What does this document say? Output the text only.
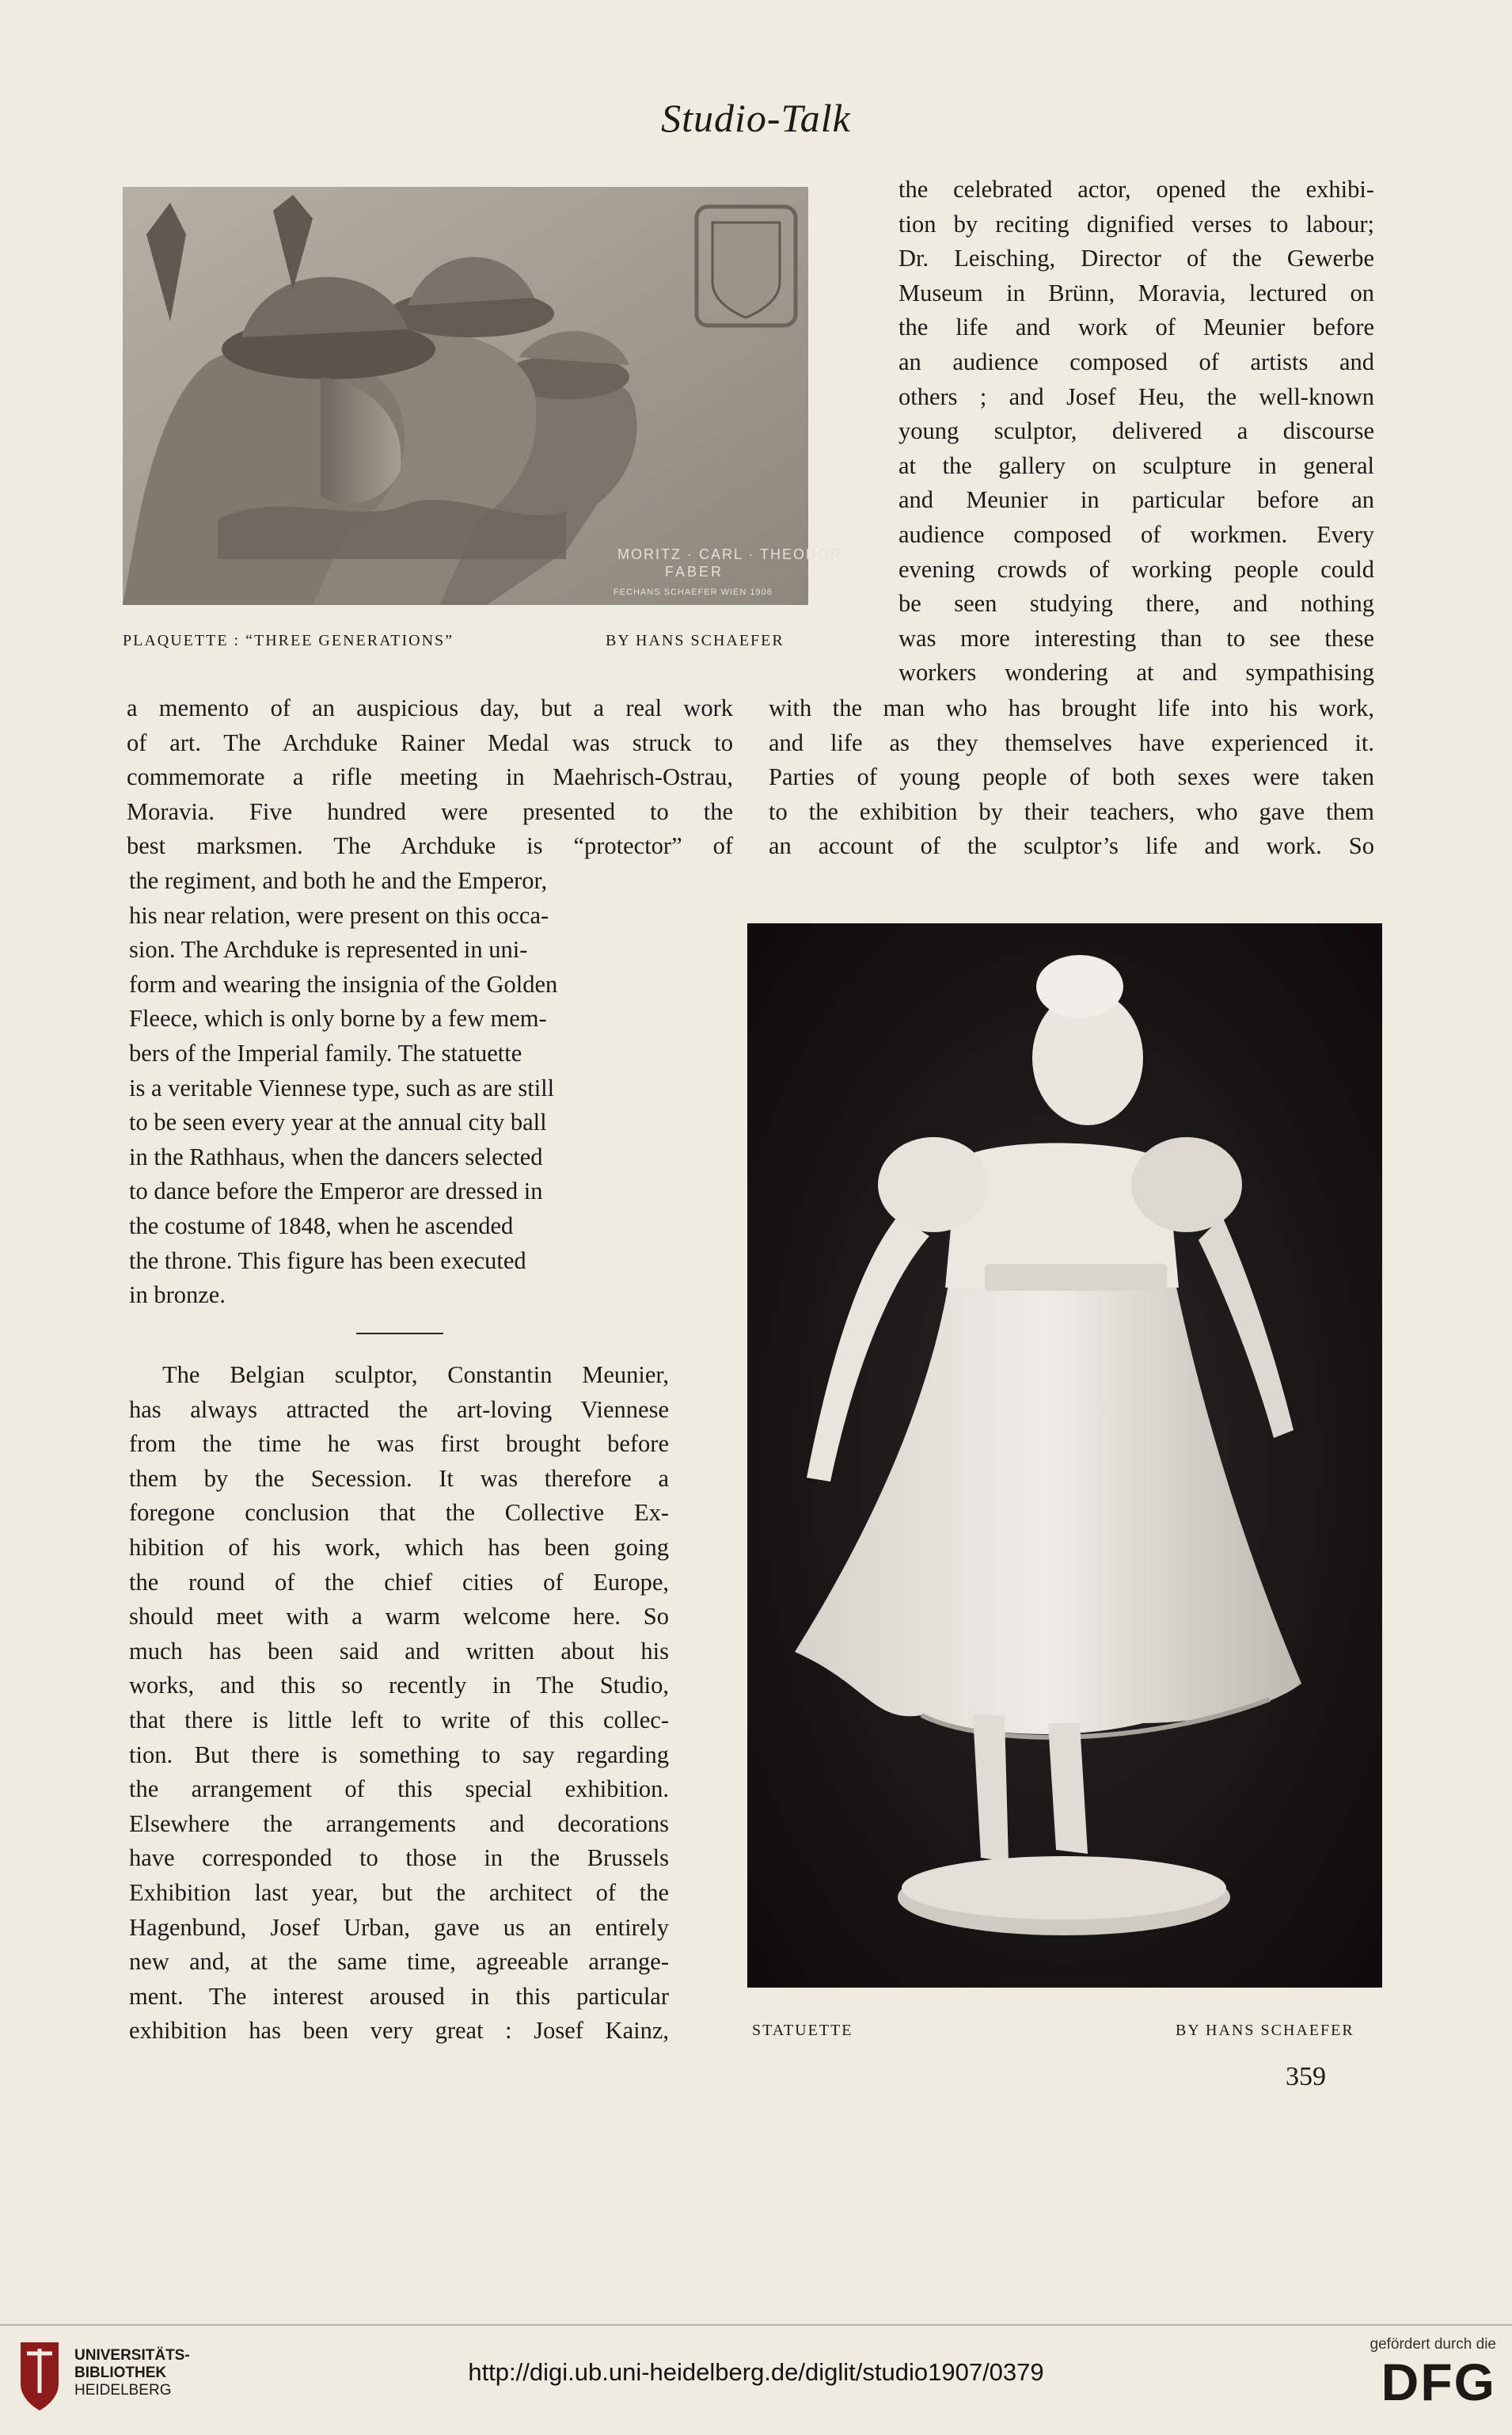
Studio-Talk
MORITZ · CARL · THEODOR
FABER
FECHANS SCHAEFER WIEN 1906
PLAQUETTE : “THREE GENERATIONS”	BY HANS SCHAEFER
the celebrated actor, opened the exhibi-
tion by reciting dignified verses to labour;
Dr. Leisching, Director of the Gewerbe
Museum in Brünn, Moravia, lectured on
the life and work of Meunier before
an audience composed of artists and
others ; and Josef Heu, the well-known
young sculptor, delivered a discourse
at the gallery on sculpture in general
and Meunier in particular before an
audience composed of workmen. Every
evening crowds of working people could
be seen studying there, and nothing
was more interesting than to see these
workers wondering at and sympathising
a memento of an auspicious day, but a real work
of art. The Archduke Rainer Medal was struck to
commemorate a rifle meeting in Maehrisch-Ostrau,
Moravia. Five hundred were presented to the
best marksmen. The Archduke is “protector” of
with the man who has brought life into his work,
and life as they themselves have experienced it.
Parties of young people of both sexes were taken
to the exhibition by their teachers, who gave them
an account of the sculptor’s life and work. So
the regiment, and both he and the Emperor,
his near relation, were present on this occa-
sion. The Archduke is represented in uni-
form and wearing the insignia of the Golden
Fleece, which is only borne by a few mem-
bers of the Imperial family. The statuette
is a veritable Viennese type, such as are still
to be seen every year at the annual city ball
in the Rathhaus, when the dancers selected
to dance before the Emperor are dressed in
the costume of 1848, when he ascended
the throne. This figure has been executed
in bronze.
The Belgian sculptor, Constantin Meunier,
has always attracted the art-loving Viennese
from the time he was first brought before
them by the Secession. It was therefore a
foregone conclusion that the Collective Ex-
hibition of his work, which has been going
the round of the chief cities of Europe,
should meet with a warm welcome here. So
much has been said and written about his
works, and this so recently in The Studio,
that there is little left to write of this collec-
tion. But there is something to say regarding
the arrangement of this special exhibition.
Elsewhere the arrangements and decorations
have corresponded to those in the Brussels
Exhibition last year, but the architect of the
Hagenbund, Josef Urban, gave us an entirely
new and, at the same time, agreeable arrange-
ment. The interest aroused in this particular
exhibition has been very great : Josef Kainz,	STATUETTE	BY HANS SCHAEFER
359
UNIVERSITÄTS-
BIBLIOTHEK
HEIDELBERG
http://digi.ub.uni-heidelberg.de/diglit/studio1907/0379
gefördert durch die
DFG
